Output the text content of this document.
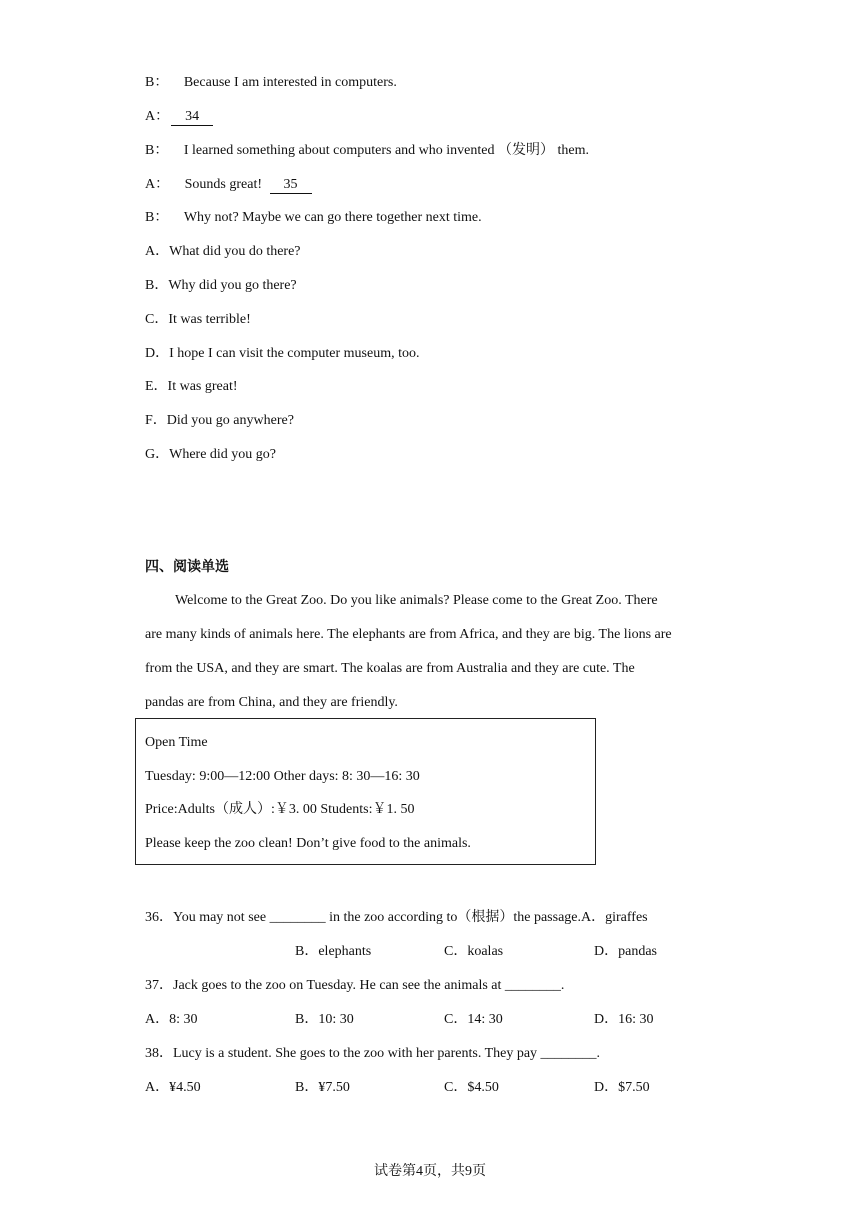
B： Because I am interested in computers.
A： 34
B： I learned something about computers and who invented （发明） them.
A： Sounds great! 35
B： Why not? Maybe we can go there together next time.
A．What did you do there?
B．Why did you go there?
C．It was terrible!
D．I hope I can visit the computer museum, too.
E．It was great!
F．Did you go anywhere?
G．Where did you go?
四、阅读单选
Welcome to the Great Zoo. Do you like animals? Please come to the Great Zoo. There
are many kinds of animals here. The elephants are from Africa, and they are big. The lions are
from the USA, and they are smart. The koalas are from Australia and they are cute. The
pandas are from China, and they are friendly.
Open Time
Tuesday: 9:00—12:00 Other days: 8: 30—16: 30
Price:Adults（成人）:￥3. 00 Students:￥1. 50
Please keep the zoo clean! Don’t give food to the animals.
36．You may not see ________ in the zoo according to（根据）the passage.A．giraffes
B．elephants	C．koalas	D．pandas
37．Jack goes to the zoo on Tuesday. He can see the animals at ________.
A．8: 30	B．10: 30	C．14: 30	D．16: 30
38．Lucy is a student. She goes to the zoo with her parents. They pay ________.
A．¥4.50	B．¥7.50	C．$4.50	D．$7.50
试卷第4页，共9页
